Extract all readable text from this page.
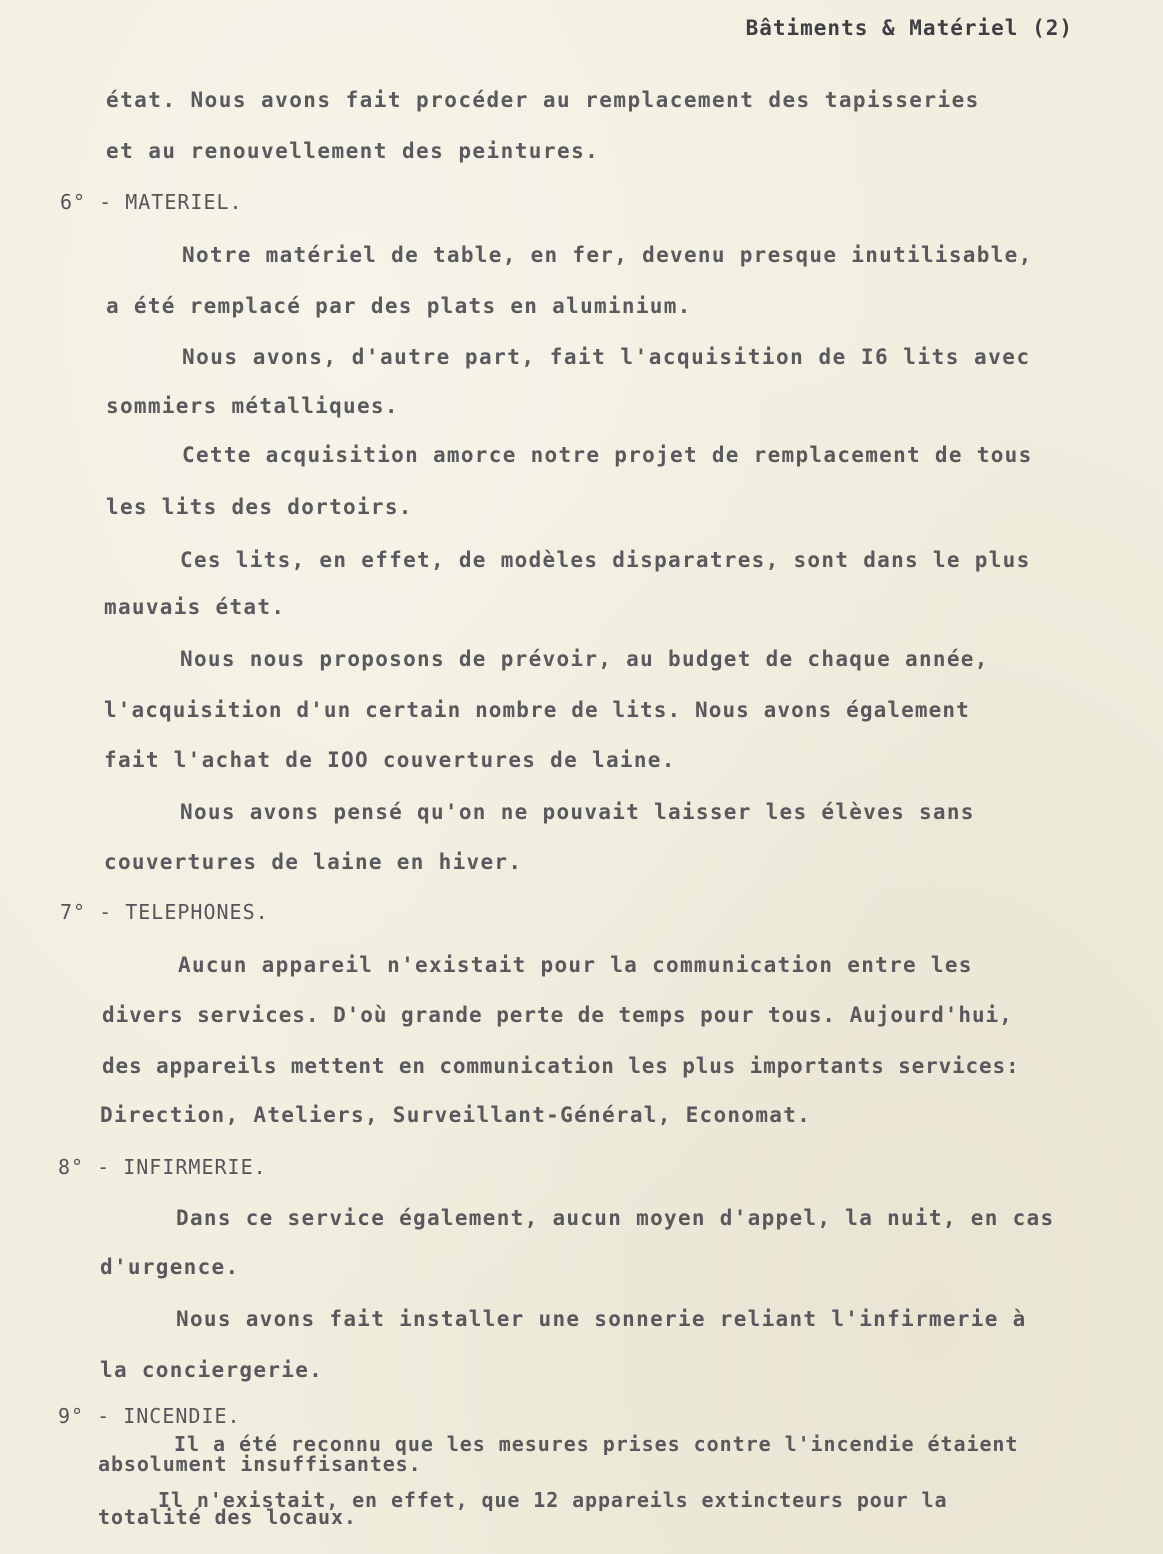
Bâtiments & Matériel (2)
état. Nous avons fait procéder au remplacement des tapisseries
et au renouvellement des peintures.
6° - MATERIEL.
Notre matériel de table, en fer, devenu presque inutilisable,
a été remplacé par des plats en aluminium.
Nous avons, d'autre part, fait l'acquisition de I6 lits avec
sommiers métalliques.
Cette acquisition amorce notre projet de remplacement de tous
les lits des dortoirs.
Ces lits, en effet, de modèles disparatres, sont dans le plus
mauvais état.
Nous nous proposons de prévoir, au budget de chaque année,
l'acquisition d'un certain nombre de lits. Nous avons également
fait l'achat de IOO couvertures de laine.
Nous avons pensé qu'on ne pouvait laisser les élèves sans
couvertures de laine en hiver.
7° - TELEPHONES.
Aucun appareil n'existait pour la communication entre les
divers services. D'où grande perte de temps pour tous. Aujourd'hui,
des appareils mettent en communication les plus importants services:
Direction, Ateliers, Surveillant-Général, Economat.
8° - INFIRMERIE.
Dans ce service également, aucun moyen d'appel, la nuit, en cas
d'urgence.
Nous avons fait installer une sonnerie reliant l'infirmerie à
la conciergerie.
9° - INCENDIE.
Il a été reconnu que les mesures prises contre l'incendie étaient
absolument insuffisantes.
Il n'existait, en effet, que 12 appareils extincteurs pour la
totalité des locaux.
